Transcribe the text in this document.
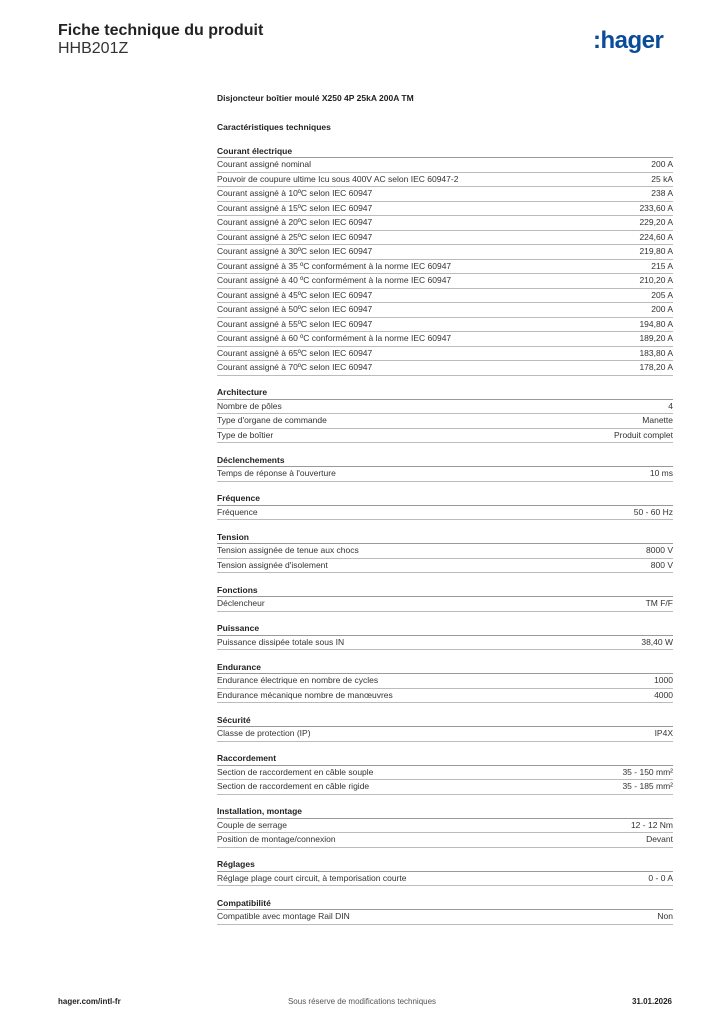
Fiche technique du produit
HHB201Z	:hager
Disjoncteur boîtier moulé X250 4P 25kA 200A TM
Caractéristiques techniques
Courant électrique
Courant assigné nominal	200 A
Pouvoir de coupure ultime Icu sous 400V AC selon IEC 60947-2	25 kA
Courant assigné à 10ºC selon IEC 60947	238 A
Courant assigné à 15ºC selon IEC 60947	233,60 A
Courant assigné à 20ºC selon IEC 60947	229,20 A
Courant assigné à 25ºC selon IEC 60947	224,60 A
Courant assigné à 30ºC selon IEC 60947	219,80 A
Courant assigné à 35 ºC conformément à la norme IEC 60947	215 A
Courant assigné à 40 ºC conformément à la norme IEC 60947	210,20 A
Courant assigné à 45ºC selon IEC 60947	205 A
Courant assigné à 50ºC selon IEC 60947	200 A
Courant assigné à 55ºC selon IEC 60947	194,80 A
Courant assigné à 60 ºC conformément à la norme IEC 60947	189,20 A
Courant assigné à 65ºC selon IEC 60947	183,80 A
Courant assigné à 70ºC selon IEC 60947	178,20 A
Architecture
Nombre de pôles	4
Type d'organe de commande	Manette
Type de boîtier	Produit complet
Déclenchements
Temps de réponse à l'ouverture	10 ms
Fréquence
Fréquence	50 - 60 Hz
Tension
Tension assignée de tenue aux chocs	8000 V
Tension assignée d'isolement	800 V
Fonctions
Déclencheur	TM F/F
Puissance
Puissance dissipée totale sous IN	38,40 W
Endurance
Endurance électrique en nombre de cycles	1000
Endurance mécanique nombre de manœuvres	4000
Sécurité
Classe de protection (IP)	IP4X
Raccordement
Section de raccordement en câble souple	35 - 150 mm²
Section de raccordement en câble rigide	35 - 185 mm²
Installation, montage
Couple de serrage	12 - 12 Nm
Position de montage/connexion	Devant
Réglages
Réglage plage court circuit, à temporisation courte	0 - 0 A
Compatibilité
Compatible avec montage Rail DIN	Non
hager.com/intl-fr	Sous réserve de modifications techniques	31.01.2026
